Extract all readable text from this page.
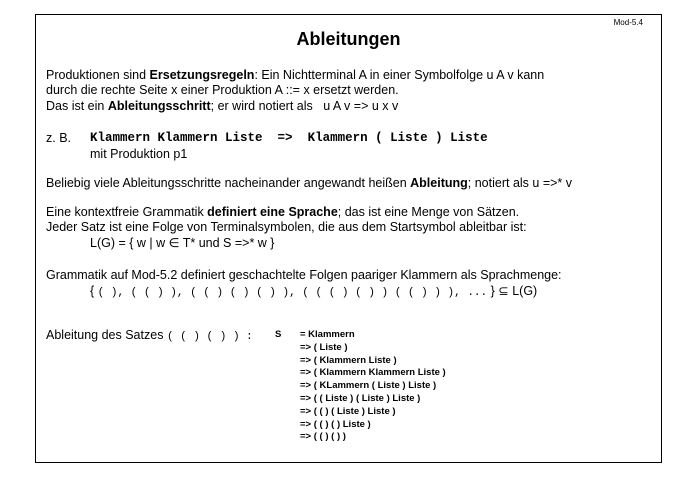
Mod-5.4
Ableitungen
Produktionen sind Ersetzungsregeln: Ein Nichtterminal A in einer Symbolfolge u A v kann
durch die rechte Seite x einer Produktion A ::= x ersetzt werden.
Das ist ein Ableitungsschritt; er wird notiert als u A v => u x v
z. B. Klammern Klammern Liste => Klammern ( Liste ) Liste
mit Produktion p1
Beliebig viele Ableitungsschritte nacheinander angewandt heißen Ableitung; notiert als u =>* v
Eine kontextfreie Grammatik definiert eine Sprache; das ist eine Menge von Sätzen.
Jeder Satz ist eine Folge von Terminalsymbolen, die aus dem Startsymbol ableitbar ist:
L(G) = { w | w ∈ T* und S =>* w }
Grammatik auf Mod-5.2 definiert geschachtelte Folgen paariger Klammern als Sprachmenge:
{ ( ), ( ( ) ), ( ( ) ( ) ( ) ), ( ( ( ) ( ) ) ( ( ) ) ), ... } ⊆ L(G)
Ableitung des Satzes ( ( ) ( ) ) : S = Klammern
=> ( Liste )
=> ( Klammern Liste )
=> ( Klammern Klammern Liste )
=> ( KLammern ( Liste ) Liste )
=> ( ( Liste ) ( Liste ) Liste )
=> ( ( ) ( Liste ) Liste )
=> ( ( ) ( ) Liste )
=> ( ( ) ( ) )
